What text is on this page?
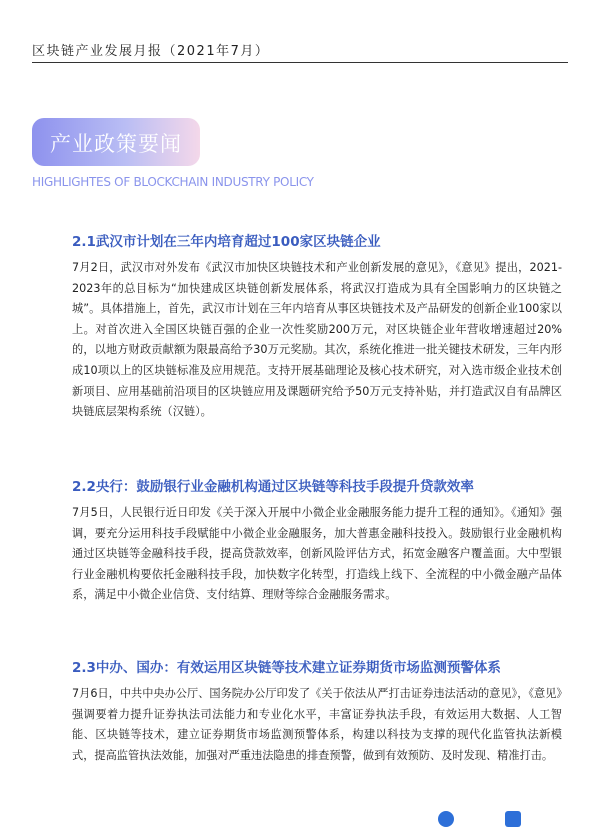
区块链产业发展月报（2021年7月）
产业政策要闻
HIGHLIGHTES OF BLOCKCHAIN INDUSTRY POLICY
2.1武汉市计划在三年内培育超过100家区块链企业

7月2日，武汉市对外发布《武汉市加快区块链技术和产业创新发展的意见》，《意见》提出，2021-2023年的总目标为“加快建成区块链创新发展体系，将武汉打造成为具有全国影响力的区块链之城”。具体措施上，首先，武汉市计划在三年内培育从事区块链技术及产品研发的创新企业100家以上。对首次进入全国区块链百强的企业一次性奖励200万元，对区块链企业年营收增速超过20%的，以地方财政贡献额为限最高给予30万元奖励。其次，系统化推进一批关键技术研发，三年内形成10项以上的区块链标准及应用规范。支持开展基础理论及核心技术研究，对入选市级企业技术创新项目、应用基础前沿项目的区块链应用及课题研究给予50万元支持补贴，并打造武汉自有品牌区块链底层架构系统（汉链）。

2.2央行：鼓励银行业金融机构通过区块链等科技手段提升贷款效率

7月5日，人民银行近日印发《关于深入开展中小微企业金融服务能力提升工程的通知》。《通知》强调，要充分运用科技手段赋能中小微企业金融服务，加大普惠金融科技投入。鼓励银行业金融机构通过区块链等金融科技手段，提高贷款效率，创新风险评估方式，拓宽金融客户覆盖面。大中型银行业金融机构要依托金融科技手段，加快数字化转型，打造线上线下、全流程的中小微金融产品体系，满足中小微企业信贷、支付结算、理财等综合金融服务需求。

2.3中办、国办：有效运用区块链等技术建立证券期货市场监测预警体系

7月6日，中共中央办公厅、国务院办公厅印发了《关于依法从严打击证券违法活动的意见》，《意见》强调要着力提升证券执法司法能力和专业化水平，丰富证券执法手段，有效运用大数据、人工智能、区块链等技术，建立证券期货市场监测预警体系，构建以科技为支撑的现代化监管执法新模式，提高监管执法效能，加强对严重违法隐患的排查预警，做到有效预防、及时发现、精准打击。
